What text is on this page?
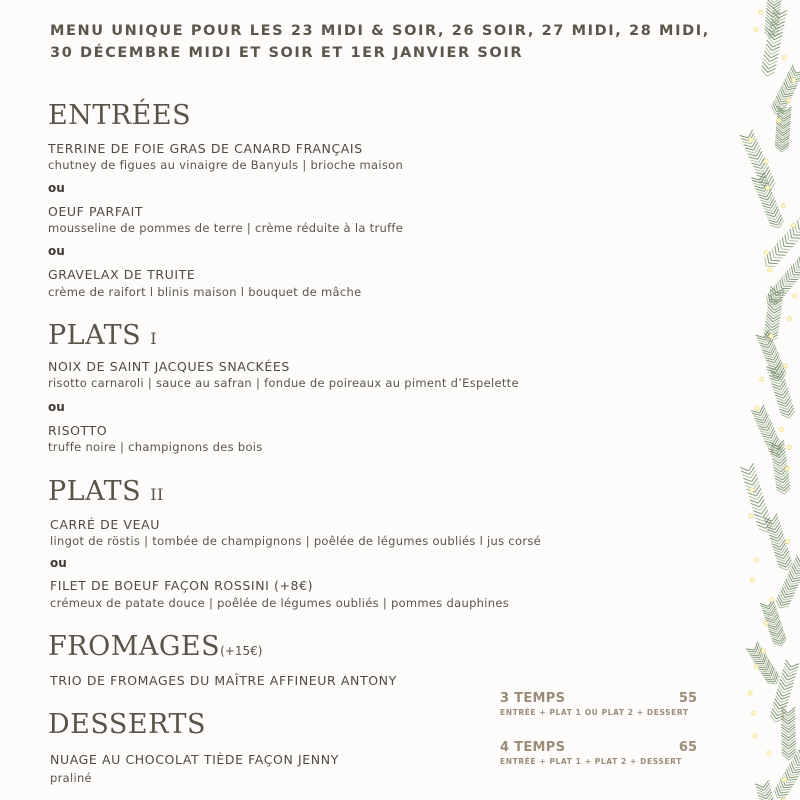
MENU UNIQUE POUR LES 23 MIDI & SOIR, 26 SOIR, 27 MIDI, 28 MIDI,
30 DÉCEMBRE MIDI ET SOIR ET 1ER JANVIER SOIR
ENTRÉES
TERRINE DE FOIE GRAS DE CANARD FRANÇAIS
chutney de figues au vinaigre de Banyuls | brioche maison
ou
OEUF PARFAIT
mousseline de pommes de terre | crème réduite à la truffe
ou
GRAVELAX DE TRUITE
crème de raifort l blinis maison l bouquet de mâche
PLATS I
NOIX DE SAINT JACQUES SNACKÉES
risotto carnaroli | sauce au safran | fondue de poireaux au piment d’Espelette
ou
RISOTTO
truffe noire | champignons des bois
PLATS II
CARRÉ DE VEAU
lingot de röstis | tombée de champignons | poêlée de légumes oubliés l jus corsé
ou
FILET DE BOEUF FAÇON ROSSINI (+8€)
crémeux de patate douce | poêlée de légumes oubliés | pommes dauphines
FROMAGES(+15€)
TRIO DE FROMAGES DU MAÎTRE AFFINEUR ANTONY
DESSERTS
NUAGE AU CHOCOLAT TIÈDE FAÇON JENNY
praliné
3 TEMPS	55
ENTRÉE + PLAT 1 OU PLAT 2 + DESSERT
4 TEMPS	65
ENTRÉE + PLAT 1 + PLAT 2 + DESSERT
